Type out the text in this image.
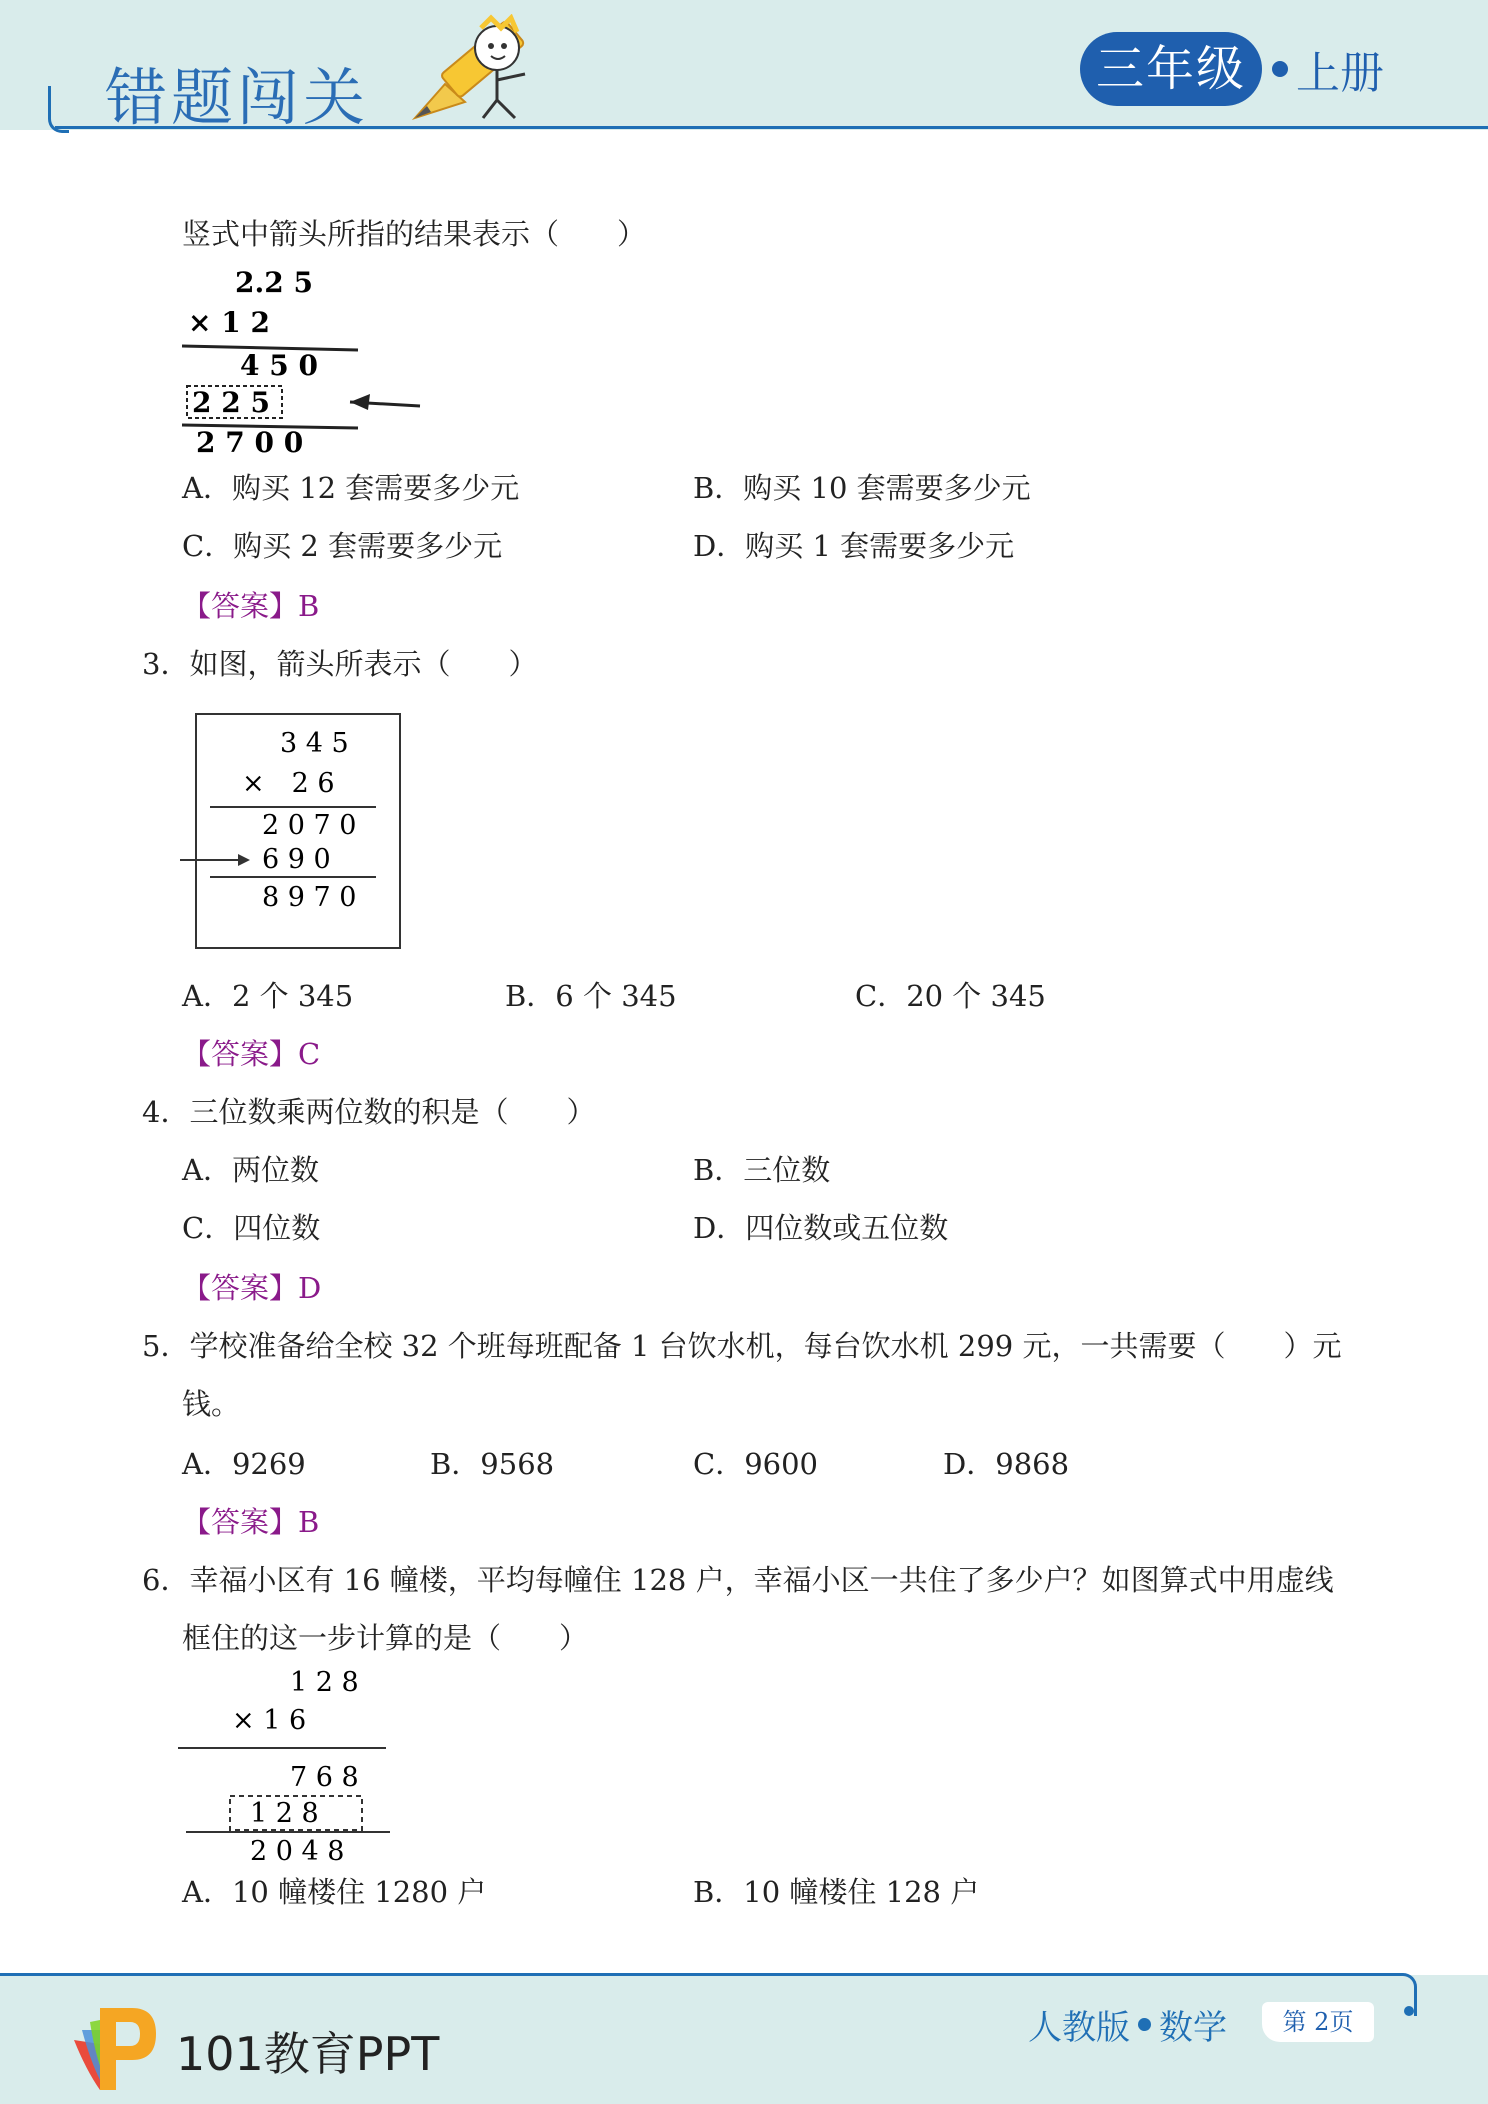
错题闯关	三年级	上册
竖式中箭头所指的结果表示（　　）
2.2 5
× 1 2
4 5 0
2 2 5
2 7 0 0
A．购买 12 套需要多少元	B．购买 10 套需要多少元
C．购买 2 套需要多少元	D．购买 1 套需要多少元
【答案】B
3．如图，箭头所表示（　　）
3 4 5
×　2 6
2 0 7 0
6 9 0
8 9 7 0
A．2 个 345	B．6 个 345	C．20 个 345
【答案】C
4．三位数乘两位数的积是（　　）
A．两位数	B．三位数
C．四位数	D．四位数或五位数
【答案】D
5．学校准备给全校 32 个班每班配备 1 台饮水机，每台饮水机 299 元，一共需要（　　）元
钱。
A．9269	B．9568	C．9600	D．9868
【答案】B
6．幸福小区有 16 幢楼，平均每幢住 128 户，幸福小区一共住了多少户？如图算式中用虚线
框住的这一步计算的是（　　）
1 2 8
× 1 6
7 6 8
1 2 8
2 0 4 8
A．10 幢楼住 1280 户	B．10 幢楼住 128 户
101教育PPT	人教版 数学	第 2页
